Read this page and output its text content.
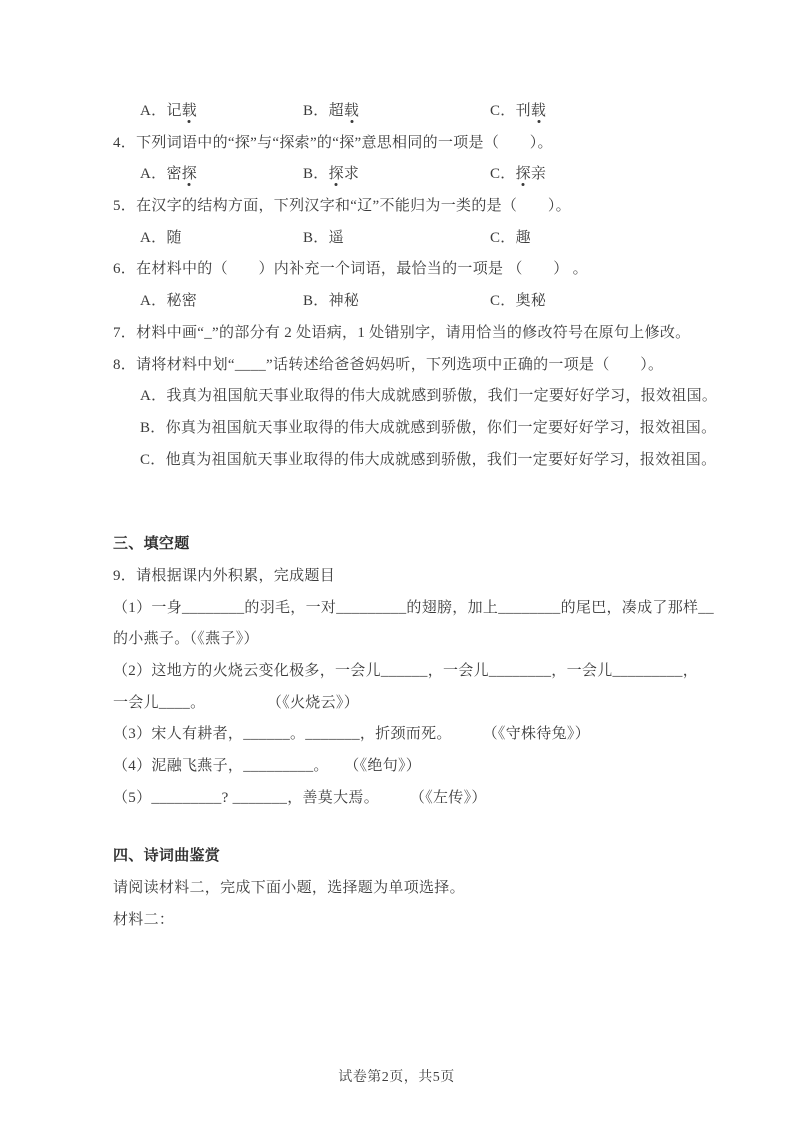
A．记载	B．超载	C．刊载
4．下列词语中的“探”与“探索”的“探”意思相同的一项是（　　）。
A．密探	B．探求	C．探亲
5．在汉字的结构方面，下列汉字和“辽”不能归为一类的是（　　）。
A．随	B．遥	C．趣
6．在材料中的（　　）内补充一个词语，最恰当的一项是 （　　） 。
A．秘密	B．神秘	C．奥秘
7．材料中画“_”的部分有 2 处语病，1 处错别字，请用恰当的修改符号在原句上修改。
8．请将材料中划“____”话转述给爸爸妈妈听，下列选项中正确的一项是（　　）。
A．我真为祖国航天事业取得的伟大成就感到骄傲，我们一定要好好学习，报效祖国。
B．你真为祖国航天事业取得的伟大成就感到骄傲，你们一定要好好学习，报效祖国。
C．他真为祖国航天事业取得的伟大成就感到骄傲，我们一定要好好学习，报效祖国。
三、填空题
9．请根据课内外积累，完成题目
（1）一身________的羽毛，一对_________的翅膀，加上________的尾巴，凑成了那样__
的小燕子。（《燕子》）
（2）这地方的火烧云变化极多，一会儿______，一会儿________，一会儿_________，
一会儿____。　　　　　（《火烧云》）
（3）宋人有耕者，______。_______，折颈而死。　　　（《守株待兔》）
（4）泥融飞燕子，_________。　　（《绝句》）
（5）_________? _______，善莫大焉。　　　（《左传》）
四、诗词曲鉴赏
请阅读材料二，完成下面小题，选择题为单项选择。
材料二：
试卷第2页，共5页
